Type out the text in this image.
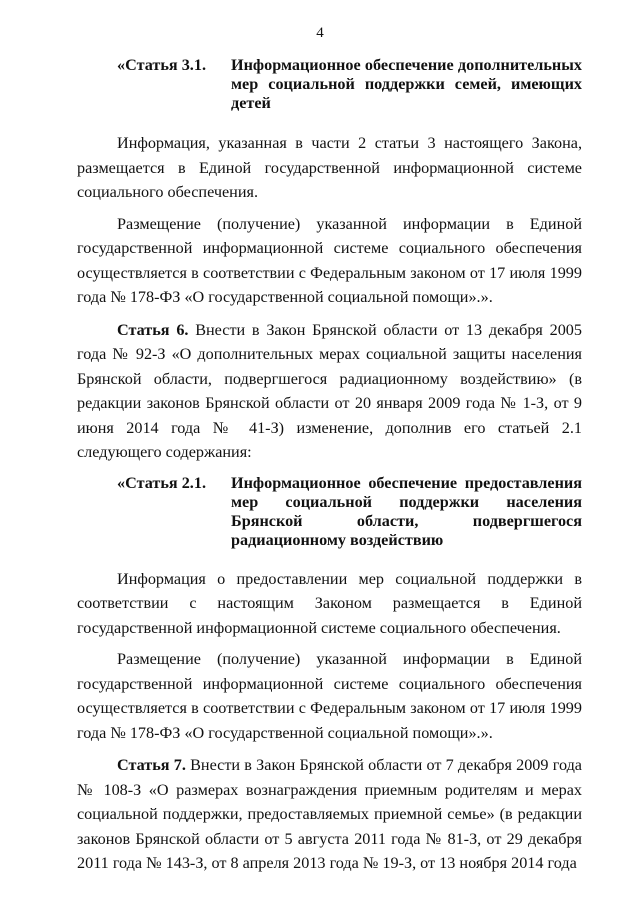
4
«Статья 3.1.	Информационное обеспечение дополнительных мер социальной поддержки семей, имеющих детей

Информация, указанная в части 2 статьи 3 настоящего Закона, размещается в Единой государственной информационной системе социального обеспечения.

Размещение (получение) указанной информации в Единой государственной информационной системе социального обеспечения осуществляется в соответствии с Федеральным законом от 17 июля 1999 года № 178-ФЗ «О государственной социальной помощи».».

Статья 6. Внести в Закон Брянской области от 13 декабря 2005 года № 92-З «О дополнительных мерах социальной защиты населения Брянской области, подвергшегося радиационному воздействию» (в редакции законов Брянской области от 20 января 2009 года № 1-З, от 9 июня 2014 года № 41-З) изменение, дополнив его статьей 2.1 следующего содержания:

«Статья 2.1.	Информационное обеспечение предоставления мер социальной поддержки населения Брянской области, подвергшегося радиационному воздействию

Информация о предоставлении мер социальной поддержки в соответствии с настоящим Законом размещается в Единой государственной информационной системе социального обеспечения.

Размещение (получение) указанной информации в Единой государственной информационной системе социального обеспечения осуществляется в соответствии с Федеральным законом от 17 июля 1999 года № 178-ФЗ «О государственной социальной помощи».».

Статья 7. Внести в Закон Брянской области от 7 декабря 2009 года № 108-З «О размерах вознаграждения приемным родителям и мерах социальной поддержки, предоставляемых приемной семье» (в редакции законов Брянской области от 5 августа 2011 года № 81-З, от 29 декабря 2011 года № 143-З, от 8 апреля 2013 года № 19-З, от 13 ноября 2014 года
